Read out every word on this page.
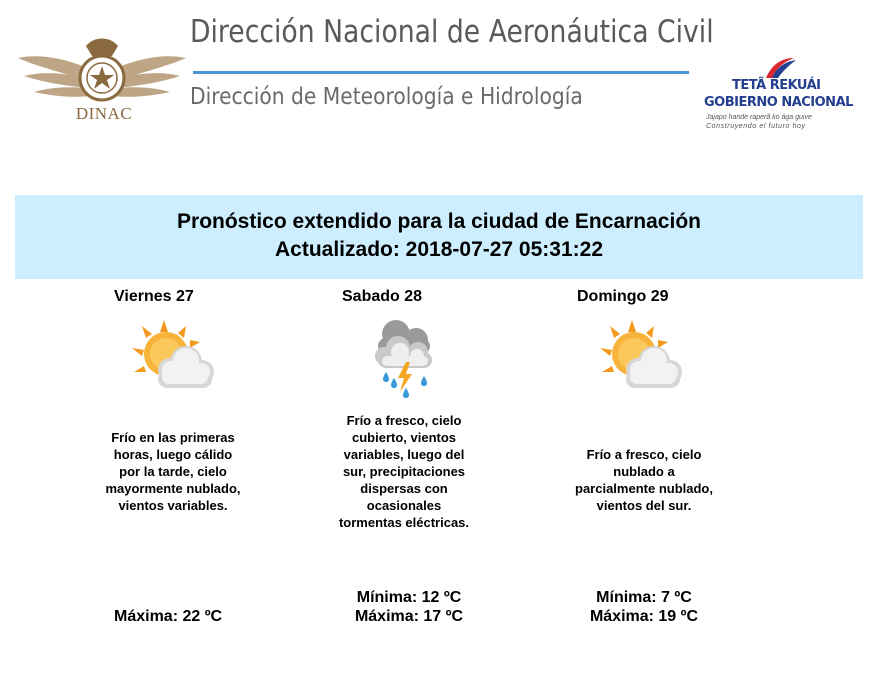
DINAC
Dirección Nacional de Aeronáutica Civil
Dirección de Meteorología e Hidrología	TETÃ REKUÁI
GOBIERNO NACIONAL
Jajapo hande raperã ko ága guive
Construyendo el futuro hoy
Pronóstico extendido para la ciudad de Encarnación
Actualizado: 2018-07-27 05:31:22
Viernes 27
Frío en las primeras horas, luego cálido por la tarde, cielo mayormente nublado, vientos variables.
Máxima: 22 ºC
Sabado 28
Frío a fresco, cielo cubierto, vientos variables, luego del sur, precipitaciones dispersas con ocasionales tormentas eléctricas.
Mínima: 12 ºC
Máxima: 17 ºC
Domingo 29
Frío a fresco, cielo nublado a parcialmente nublado, vientos del sur.
Mínima: 7 ºC
Máxima: 19 ºC
